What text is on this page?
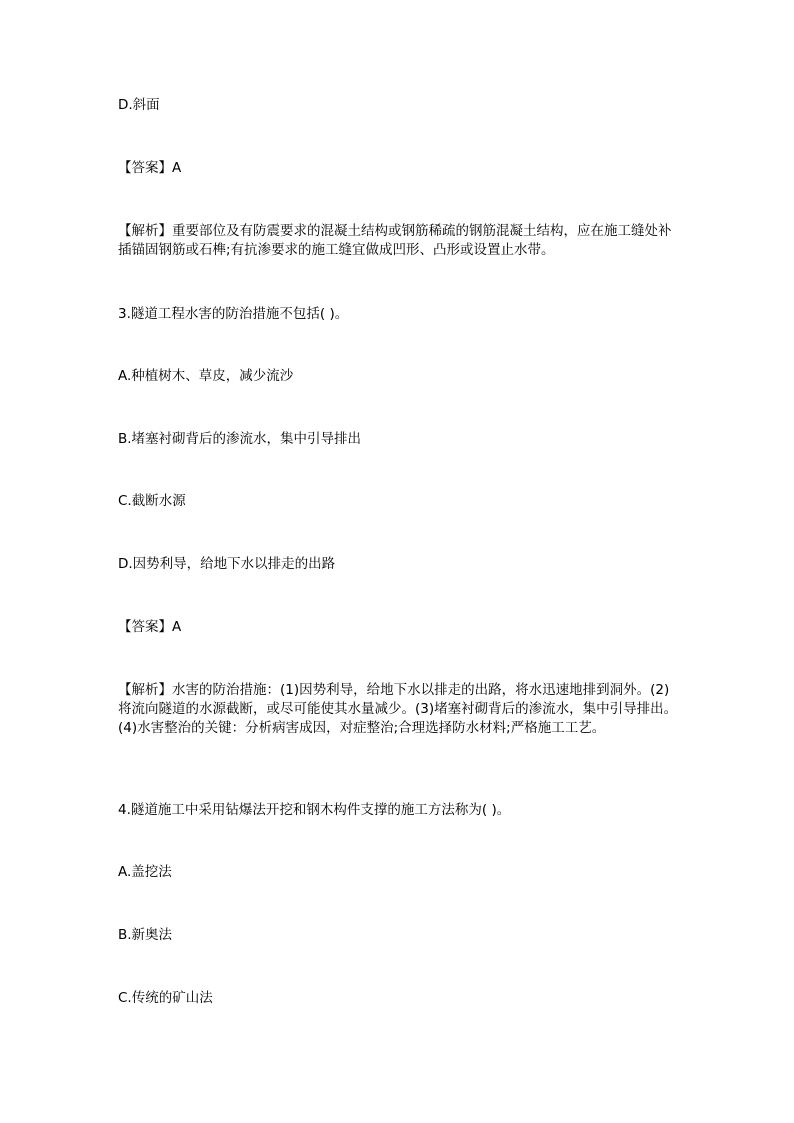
D.斜面

【答案】A

【解析】重要部位及有防震要求的混凝土结构或钢筋稀疏的钢筋混凝土结构，应在施工缝处补插锚固钢筋或石榫;有抗渗要求的施工缝宜做成凹形、凸形或设置止水带。

3.隧道工程水害的防治措施不包括( )。

A.种植树木、草皮，减少流沙

B.堵塞衬砌背后的渗流水，集中引导排出

C.截断水源

D.因势利导，给地下水以排走的出路

【答案】A

【解析】水害的防治措施：(1)因势利导，给地下水以排走的出路，将水迅速地排到洞外。(2)将流向隧道的水源截断，或尽可能使其水量减少。(3)堵塞衬砌背后的渗流水，集中引导排出。(4)水害整治的关键：分析病害成因，对症整治;合理选择防水材料;严格施工工艺。

4.隧道施工中采用钻爆法开挖和钢木构件支撑的施工方法称为( )。

A.盖挖法

B.新奥法

C.传统的矿山法
